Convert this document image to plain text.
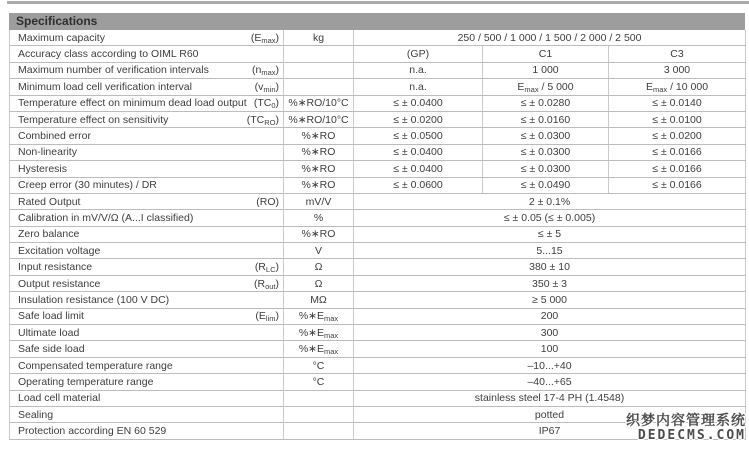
Specifications
Maximum capacity $(E_{max})$	kg	250 / 500 / 1 000 / 1 500 / 2 000 / 2 500		

Accuracy class according to OIML R60		(GP)	C1	C3

Maximum number of verification intervals $(n_{max})$		n.a.	1 000	3 000

Minimum load cell verification interval $(v_{min})$		n.a.	$E_{max} / 5$ 000	$E_{max} / 10$ 000

Temperature effect on minimum dead load output $(TC_0)$	%∗RO/10°C	≤ ± 0.0400	≤ ± 0.0280	≤ ± 0.0140

Temperature effect on sensitivity $(TC_{RO})$	%∗RO/10°C	≤ ± 0.0200	≤ ± 0.0160	≤ ± 0.0100

Combined error	%∗RO	≤ ± 0.0500	≤ ± 0.0300	≤ ± 0.0200

Non-linearity	%∗RO	≤ ± 0.0400	≤ ± 0.0300	≤ ± 0.0166

Hysteresis	%∗RO	≤ ± 0.0400	≤ ± 0.0300	≤ ± 0.0166

Creep error (30 minutes) / DR	%∗RO	≤ ± 0.0600	≤ ± 0.0490	≤ ± 0.0166

Rated Output (RO)	mV/V	2 ± 0.1%		

Calibration in mV/V/Ω (A...I classified)	%	≤ ± 0.05 (≤ ± 0.005)		

Zero balance	%∗RO	≤ ± 5		

Excitation voltage	V	5...15		

Input resistance $(R_{LC})$	Ω	380 ± 10		

Output resistance $(R_{out})$	Ω	350 ± 3		

Insulation resistance (100 V DC)	MΩ	≥ 5 000		

Safe load limit $(E_{lim})$	$\%∗E_{max}$	200		

Ultimate load	$\%∗E_{max}$	300		

Safe side load	$\%∗E_{max}$	100		

Compensated temperature range	°C	–10...+40		

Operating temperature range	°C	–40...+65		

Load cell material		stainless steel 17-4 PH (1.4548)		

Sealing		potted		

Protection according EN 60 529		IP67		
织梦内容管理系统
DEDECMS.COM
